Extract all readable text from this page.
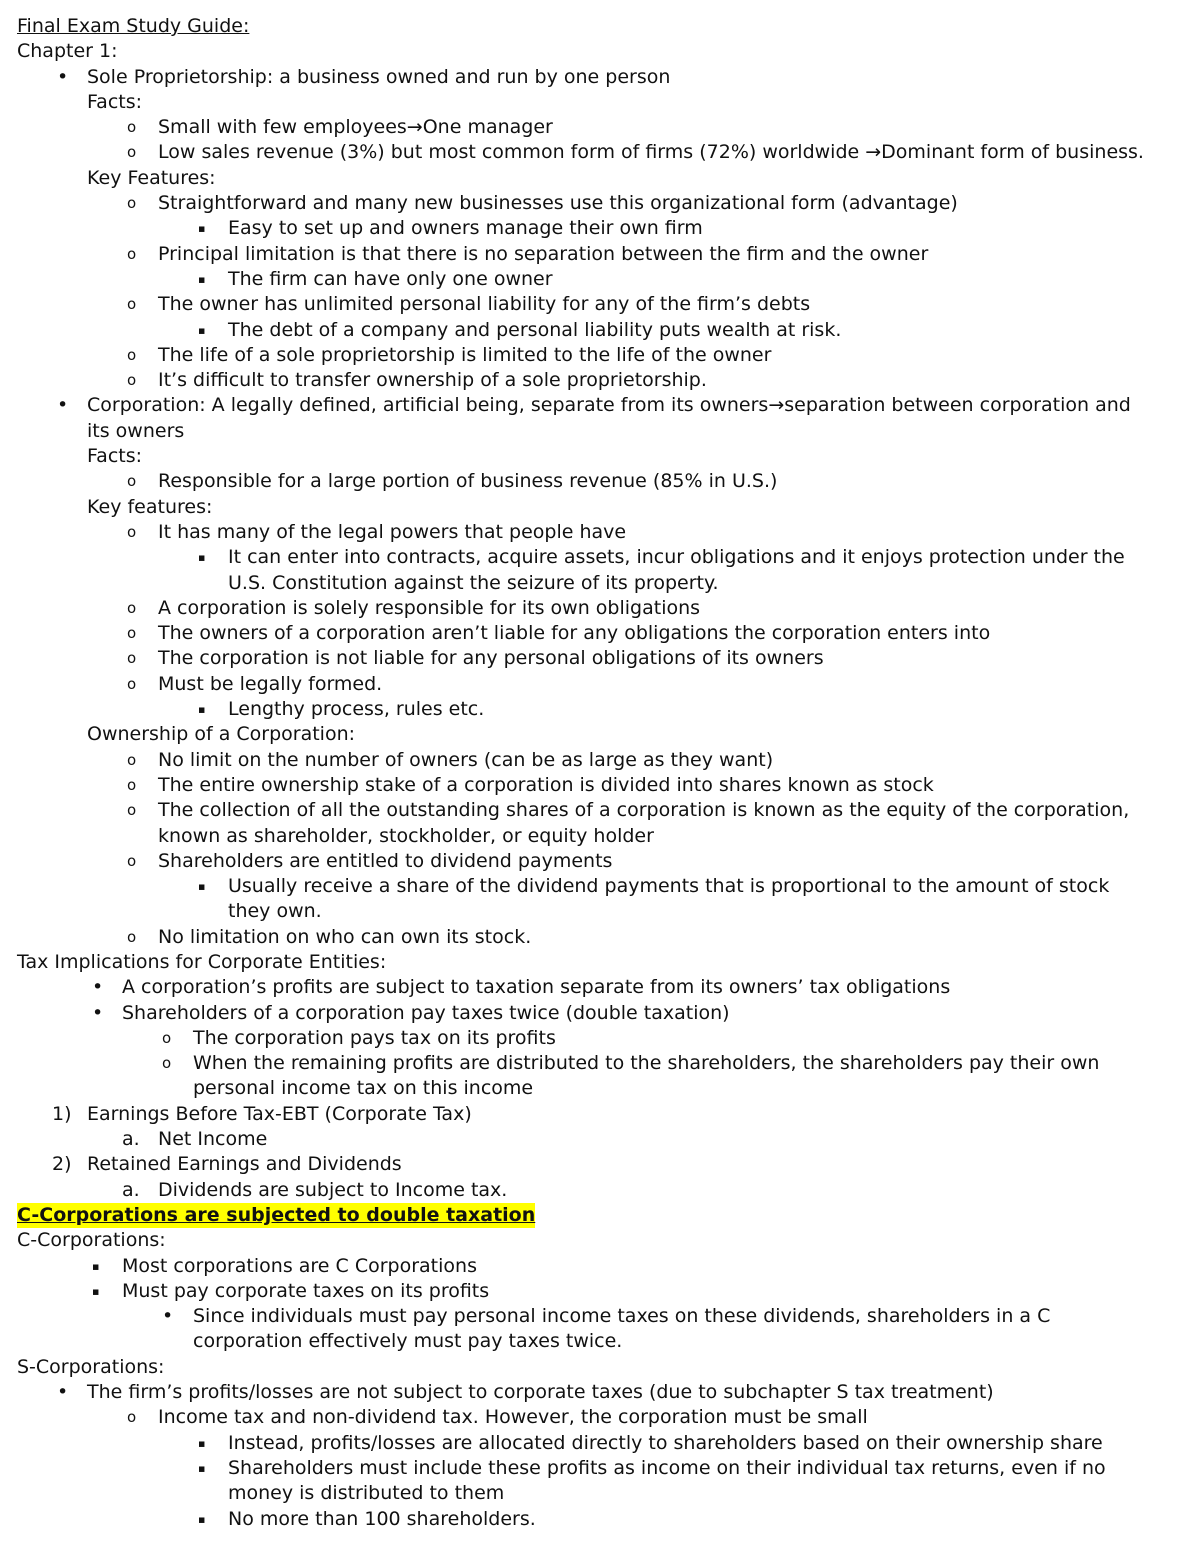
Final Exam Study Guide:
Chapter 1:
• Sole Proprietorship: a business owned and run by one person
Facts:
o Small with few employees→One manager
o Low sales revenue (3%) but most common form of firms (72%) worldwide →Dominant form of business.
Key Features:
o Straightforward and many new businesses use this organizational form (advantage)
▪ Easy to set up and owners manage their own firm
o Principal limitation is that there is no separation between the firm and the owner
▪ The firm can have only one owner
o The owner has unlimited personal liability for any of the firm’s debts
▪ The debt of a company and personal liability puts wealth at risk.
o The life of a sole proprietorship is limited to the life of the owner
o It’s difficult to transfer ownership of a sole proprietorship.
• Corporation: A legally defined, artificial being, separate from its owners→separation between corporation and
its owners
Facts:
o Responsible for a large portion of business revenue (85% in U.S.)
Key features:
o It has many of the legal powers that people have
▪ It can enter into contracts, acquire assets, incur obligations and it enjoys protection under the
U.S. Constitution against the seizure of its property.
o A corporation is solely responsible for its own obligations
o The owners of a corporation aren’t liable for any obligations the corporation enters into
o The corporation is not liable for any personal obligations of its owners
o Must be legally formed.
▪ Lengthy process, rules etc.
Ownership of a Corporation:
o No limit on the number of owners (can be as large as they want)
o The entire ownership stake of a corporation is divided into shares known as stock
o The collection of all the outstanding shares of a corporation is known as the equity of the corporation,
known as shareholder, stockholder, or equity holder
o Shareholders are entitled to dividend payments
▪ Usually receive a share of the dividend payments that is proportional to the amount of stock
they own.
o No limitation on who can own its stock.
Tax Implications for Corporate Entities:
• A corporation’s profits are subject to taxation separate from its owners’ tax obligations
• Shareholders of a corporation pay taxes twice (double taxation)
o The corporation pays tax on its profits
o When the remaining profits are distributed to the shareholders, the shareholders pay their own
personal income tax on this income
1) Earnings Before Tax-EBT (Corporate Tax)
a. Net Income
2) Retained Earnings and Dividends
a. Dividends are subject to Income tax.
C-Corporations are subjected to double taxation
C-Corporations:
▪ Most corporations are C Corporations
▪ Must pay corporate taxes on its profits
• Since individuals must pay personal income taxes on these dividends, shareholders in a C
corporation effectively must pay taxes twice.
S-Corporations:
• The firm’s profits/losses are not subject to corporate taxes (due to subchapter S tax treatment)
o Income tax and non-dividend tax. However, the corporation must be small
▪ Instead, profits/losses are allocated directly to shareholders based on their ownership share
▪ Shareholders must include these profits as income on their individual tax returns, even if no
money is distributed to them
▪ No more than 100 shareholders.
